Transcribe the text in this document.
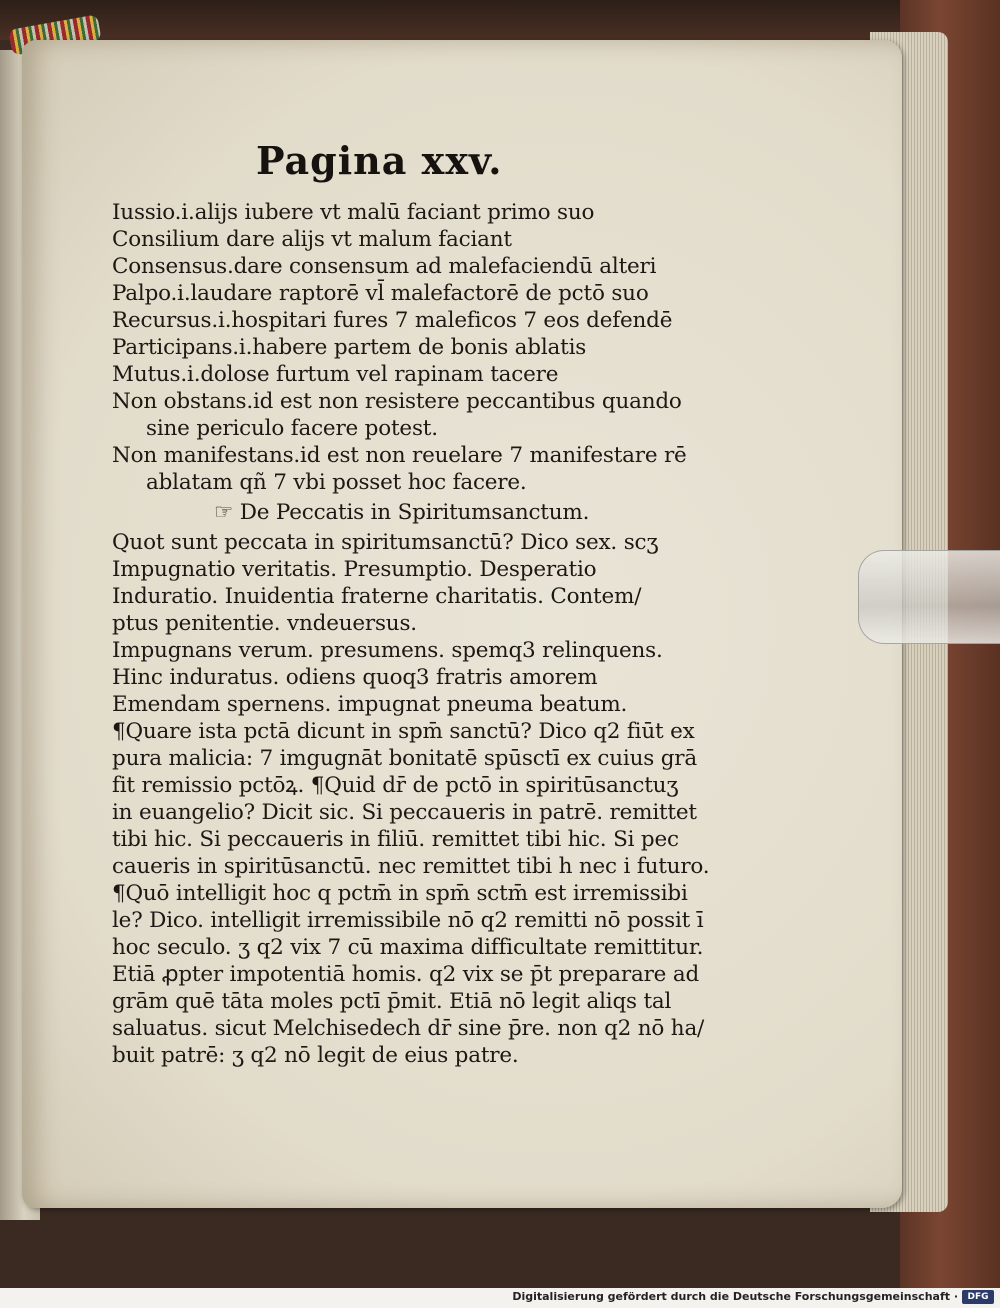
Pagina xxv.
Iussio.i.alijs iubere vt malū faciant primo suo
Consilium dare alijs vt malum faciant
Consensus.dare consensum ad malefaciendū alteri
Palpo.i.laudare raptorē vl̄ malefactorē de pctō suo
Recursus.i.hospitari fures 7 maleficos 7 eos defendē
Participans.i.habere partem de bonis ablatis
Mutus.i.dolose furtum vel rapinam tacere
Non obstans.id est non resistere peccantibus quando
sine periculo facere potest.
Non manifestans.id est non reuelare 7 manifestare rē
ablatam qñ 7 vbi posset hoc facere.
☞ De Peccatis in Spiritumsanctum.
Quot sunt peccata in spiritumsanctū? Dico sex. scʒ
Impugnatio veritatis. Presumptio. Desperatio
Induratio. Inuidentia fraterne charitatis. Contem/
ptus penitentie. vndeuersus.
Impugnans verum. presumens. spemq3 relinquens.
Hinc induratus. odiens quoq3 fratris amorem
Emendam spernens. impugnat pneuma beatum.
¶Quare ista pctā dicunt in spm̄ sanctū? Dico q2 fiūt ex
pura malicia: 7 imgugnāt bonitatē spūsctī ex cuius grā
fit remissio pctōꝝ. ¶Quid dr̄ de pctō in spiritūsanctuʒ
in euangelio? Dicit sic. Si peccaueris in patrē. remittet
tibi hic. Si peccaueris in filiū. remittet tibi hic. Si pec
caueris in spiritūsanctū. nec remittet tibi h nec i futuro.
¶Quō intelligit hoc q pctm̄ in spm̄ sctm̄ est irremissibi
le? Dico. intelligit irremissibile nō q2 remitti nō possit ī
hoc seculo. ʒ q2 vix 7 cū maxima difficultate remittitur.
Etiā ꝓpter impotentiā homis. q2 vix se p̄t preparare ad
grām quē tāta moles pctī p̄mit. Etiā nō legit aliqs tal
saluatus. sicut Melchisedech dr̄ sine p̄re. non q2 nō ha/
buit patrē: ʒ q2 nō legit de eius patre.
Digitalisierung gefördert durch die Deutsche Forschungsgemeinschaft ·	DFG
